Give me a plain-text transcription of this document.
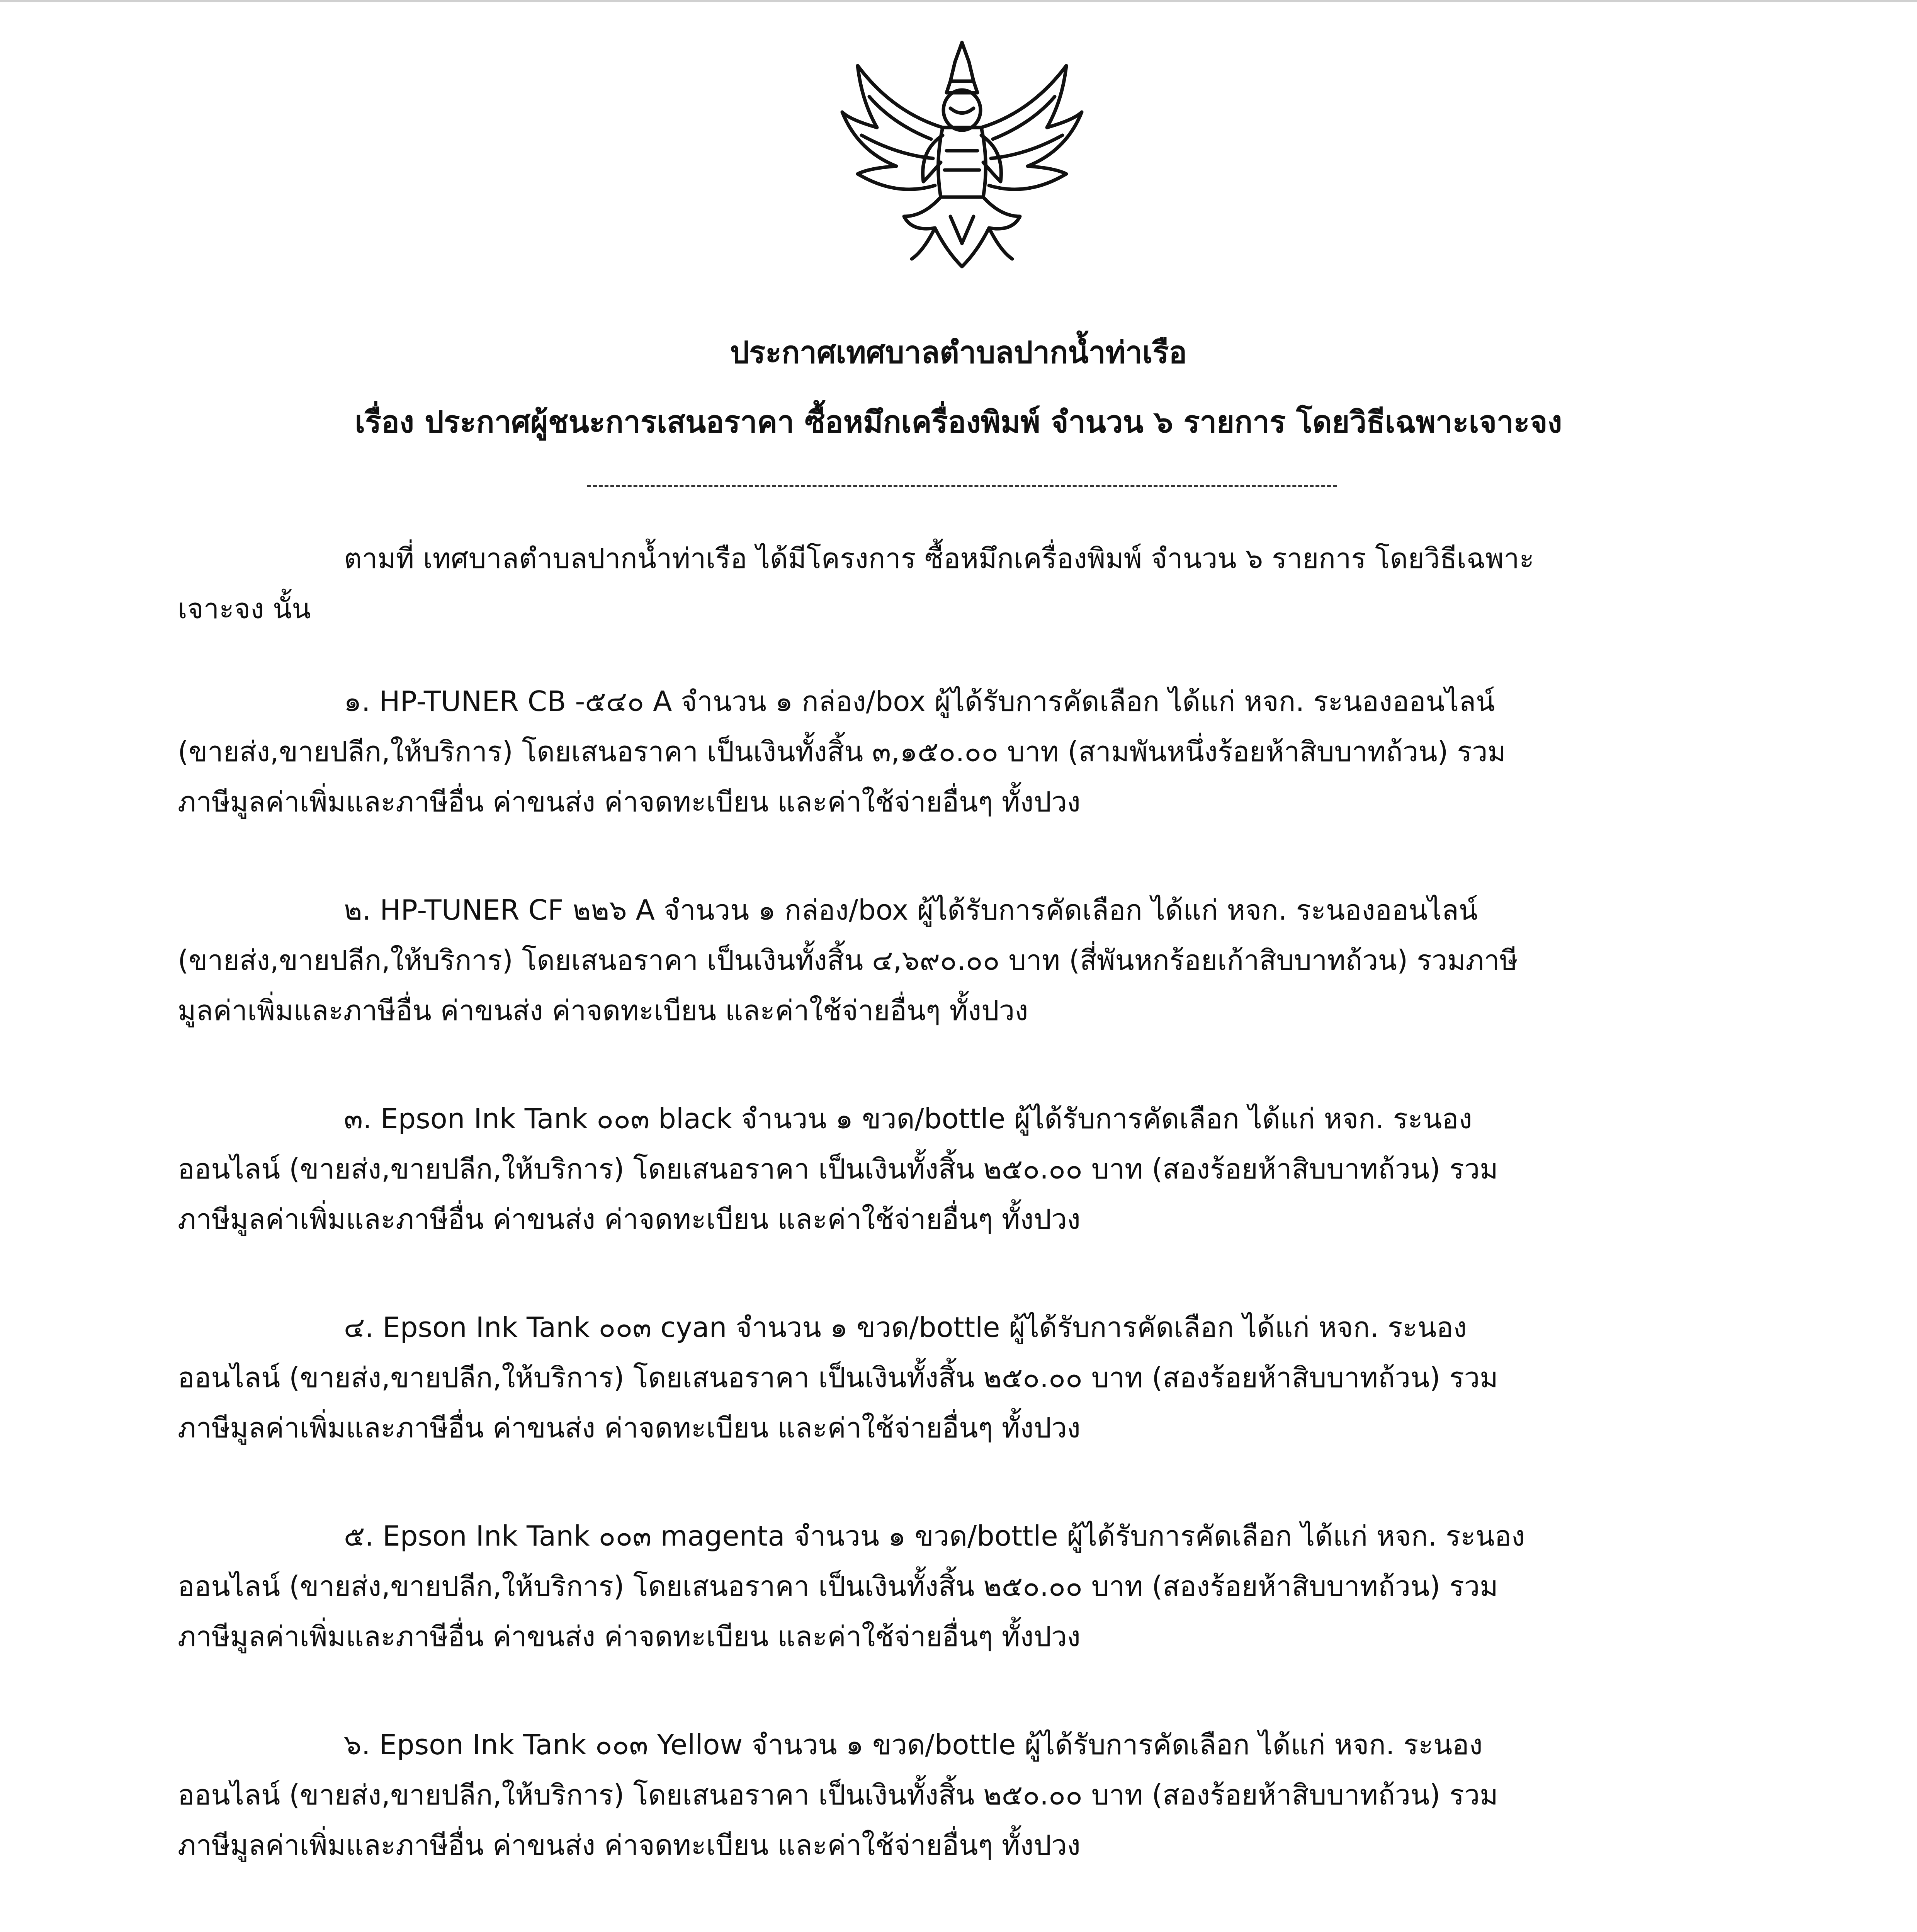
ประกาศเทศบาลตำบลปากน้ำท่าเรือ
เรื่อง ประกาศผู้ชนะการเสนอราคา ซื้อหมึกเครื่องพิมพ์ จำนวน ๖ รายการ โดยวิธีเฉพาะเจาะจง
ตามที่ เทศบาลตำบลปากน้ำท่าเรือ ได้มีโครงการ ซื้อหมึกเครื่องพิมพ์ จำนวน ๖ รายการ โดยวิธีเฉพาะ
เจาะจง นั้น
๑. HP-TUNER CB -๕๔๐ A จำนวน ๑ กล่อง/box ผู้ได้รับการคัดเลือก ได้แก่ หจก. ระนองออนไลน์
(ขายส่ง,ขายปลีก,ให้บริการ) โดยเสนอราคา เป็นเงินทั้งสิ้น ๓,๑๕๐.๐๐ บาท (สามพันหนึ่งร้อยห้าสิบบาทถ้วน) รวม
ภาษีมูลค่าเพิ่มและภาษีอื่น ค่าขนส่ง ค่าจดทะเบียน และค่าใช้จ่ายอื่นๆ ทั้งปวง
๒. HP-TUNER CF ๒๒๖ A จำนวน ๑ กล่อง/box ผู้ได้รับการคัดเลือก ได้แก่ หจก. ระนองออนไลน์
(ขายส่ง,ขายปลีก,ให้บริการ) โดยเสนอราคา เป็นเงินทั้งสิ้น ๔,๖๙๐.๐๐ บาท (สี่พันหกร้อยเก้าสิบบาทถ้วน) รวมภาษี
มูลค่าเพิ่มและภาษีอื่น ค่าขนส่ง ค่าจดทะเบียน และค่าใช้จ่ายอื่นๆ ทั้งปวง
๓. Epson Ink Tank ๐๐๓ black จำนวน ๑ ขวด/bottle ผู้ได้รับการคัดเลือก ได้แก่ หจก. ระนอง
ออนไลน์ (ขายส่ง,ขายปลีก,ให้บริการ) โดยเสนอราคา เป็นเงินทั้งสิ้น ๒๕๐.๐๐ บาท (สองร้อยห้าสิบบาทถ้วน) รวม
ภาษีมูลค่าเพิ่มและภาษีอื่น ค่าขนส่ง ค่าจดทะเบียน และค่าใช้จ่ายอื่นๆ ทั้งปวง
๔. Epson Ink Tank ๐๐๓ cyan จำนวน ๑ ขวด/bottle ผู้ได้รับการคัดเลือก ได้แก่ หจก. ระนอง
ออนไลน์ (ขายส่ง,ขายปลีก,ให้บริการ) โดยเสนอราคา เป็นเงินทั้งสิ้น ๒๕๐.๐๐ บาท (สองร้อยห้าสิบบาทถ้วน) รวม
ภาษีมูลค่าเพิ่มและภาษีอื่น ค่าขนส่ง ค่าจดทะเบียน และค่าใช้จ่ายอื่นๆ ทั้งปวง
๕. Epson Ink Tank ๐๐๓ magenta จำนวน ๑ ขวด/bottle ผู้ได้รับการคัดเลือก ได้แก่ หจก. ระนอง
ออนไลน์ (ขายส่ง,ขายปลีก,ให้บริการ) โดยเสนอราคา เป็นเงินทั้งสิ้น ๒๕๐.๐๐ บาท (สองร้อยห้าสิบบาทถ้วน) รวม
ภาษีมูลค่าเพิ่มและภาษีอื่น ค่าขนส่ง ค่าจดทะเบียน และค่าใช้จ่ายอื่นๆ ทั้งปวง
๖. Epson Ink Tank ๐๐๓ Yellow จำนวน ๑ ขวด/bottle ผู้ได้รับการคัดเลือก ได้แก่ หจก. ระนอง
ออนไลน์ (ขายส่ง,ขายปลีก,ให้บริการ) โดยเสนอราคา เป็นเงินทั้งสิ้น ๒๕๐.๐๐ บาท (สองร้อยห้าสิบบาทถ้วน) รวม
ภาษีมูลค่าเพิ่มและภาษีอื่น ค่าขนส่ง ค่าจดทะเบียน และค่าใช้จ่ายอื่นๆ ทั้งปวง
